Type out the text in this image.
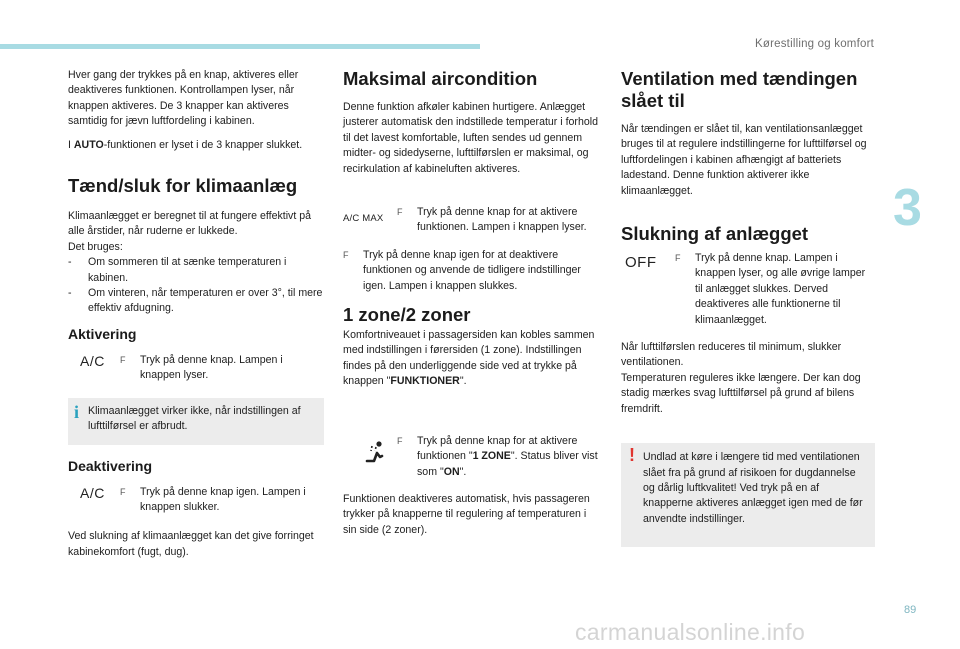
Kørestilling og komfort
3

Hver gang der trykkes på en knap, aktiveres eller deaktiveres funktionen. Kontrollampen lyser, når knappen aktiveres. De 3 knapper kan aktiveres samtidig for jævn luftfordeling i kabinen.

I AUTO-funktionen er lyset i de 3 knapper slukket.

Tænd/sluk for klimaanlæg

Klimaanlægget er beregnet til at fungere effektivt på alle årstider, når ruderne er lukkede.

Det bruges:

- Om sommeren til at sænke temperaturen i kabinen.
- Om vinteren, når temperaturen er over 3°, til mere effektiv afdugning.
Aktivering
A/C	F	Tryk på denne knap. Lampen i knappen lyser.
i Klimaanlægget virker ikke, når indstillingen af lufttilførsel er afbrudt.

Deaktivering
A/C	F	Tryk på denne knap igen. Lampen i knappen slukker.

Ved slukning af klimaanlægget kan det give forringet kabinekomfort (fugt, dug).

Maksimal aircondition

Denne funktion afkøler kabinen hurtigere. Anlægget justerer automatisk den indstillede temperatur i forhold til det lavest komfortable, luften sendes ud gennem midter- og sidedyserne, lufttilførslen er maksimal, og recirkulation af kabineluften aktiveres.

A/C MAX
F	Tryk på denne knap for at aktivere funktionen. Lampen i knappen lyser.
F	Tryk på denne knap igen for at deaktivere funktionen og anvende de tidligere indstillinger igen. Lampen i knappen slukkes.
1 zone/2 zoner

Komfortniveauet i passagersiden kan kobles sammen med indstillingen i førersiden (1 zone). Indstillingen findes på den underliggende side ved at trykke på knappen "FUNKTIONER".

F	Tryk på denne knap for at aktivere funktionen "1 ZONE". Status bliver vist som "ON".

Funktionen deaktiveres automatisk, hvis passageren trykker på knapperne til regulering af temperaturen i sin side (2 zoner).

Ventilation med tændingen slået til

Når tændingen er slået til, kan ventilationsanlægget bruges til at regulere indstillingerne for lufttilførsel og luftfordelingen i kabinen afhængigt af batteriets ladestand. Denne funktion aktiverer ikke klimaanlægget.

Slukning af anlægget
OFF	F	Tryk på denne knap. Lampen i knappen lyser, og alle øvrige lamper til anlægget slukkes. Derved deaktiveres alle funktionerne til klimaanlægget.

Når lufttilførslen reduceres til minimum, slukker ventilationen.

Temperaturen reguleres ikke længere. Der kan dog stadig mærkes svag lufttilførsel på grund af bilens fremdrift.

! Undlad at køre i længere tid med ventilationen slået fra på grund af risikoen for dugdannelse og dårlig luftkvalitet! Ved tryk på en af knapperne aktiveres anlægget igen med de før anvendte indstillinger.

89
carmanualsonline.info
